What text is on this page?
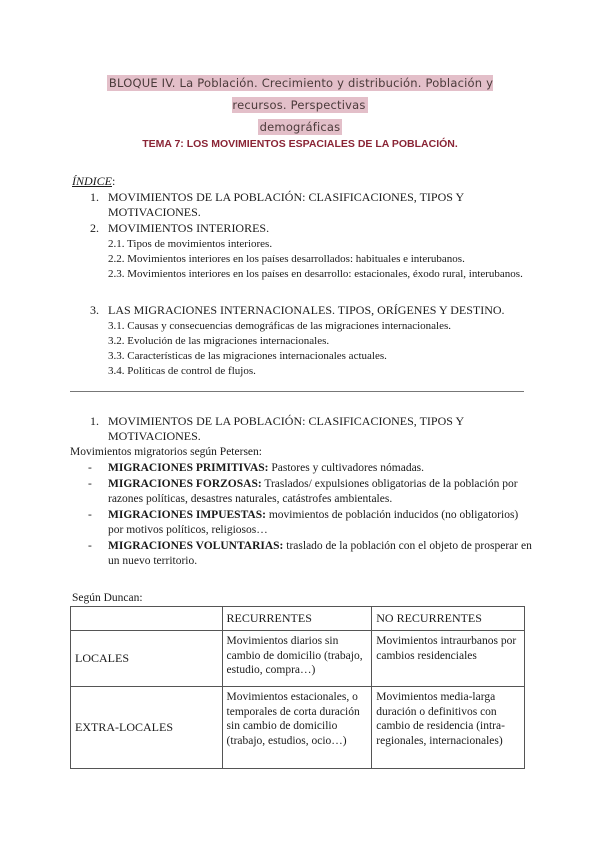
BLOQUE IV. La Población. Crecimiento y distribución. Población y recursos. Perspectivas
demográficas
TEMA 7: LOS MOVIMIENTOS ESPACIALES DE LA POBLACIÓN.
ÍNDICE:
1. MOVIMIENTOS DE LA POBLACIÓN: CLASIFICACIONES, TIPOS Y MOTIVACIONES.
2. MOVIMIENTOS INTERIORES.
2.1. Tipos de movimientos interiores.
2.2. Movimientos interiores en los países desarrollados: habituales e interubanos.
2.3. Movimientos interiores en los países en desarrollo: estacionales, éxodo rural, interubanos.
3. LAS MIGRACIONES INTERNACIONALES. TIPOS, ORÍGENES Y DESTINO.
3.1. Causas y consecuencias demográficas de las migraciones internacionales.
3.2. Evolución de las migraciones internacionales.
3.3. Características de las migraciones internacionales actuales.
3.4. Políticas de control de flujos.
1. MOVIMIENTOS DE LA POBLACIÓN: CLASIFICACIONES, TIPOS Y MOTIVACIONES.
Movimientos migratorios según Petersen:
- MIGRACIONES PRIMITIVAS: Pastores y cultivadores nómadas.
- MIGRACIONES FORZOSAS: Traslados/ expulsiones obligatorias de la población por razones políticas, desastres naturales, catástrofes ambientales.
- MIGRACIONES IMPUESTAS: movimientos de población inducidos (no obligatorios) por motivos políticos, religiosos…
- MIGRACIONES VOLUNTARIAS: traslado de la población con el objeto de prosperar en un nuevo territorio.
Según Duncan:
	RECURRENTES	NO RECURRENTES
LOCALES	Movimientos diarios sin cambio de domicilio (trabajo, estudio, compra…)	Movimientos intraurbanos por cambios residenciales
EXTRA-LOCALES	Movimientos estacionales, o temporales de corta duración sin cambio de domicilio (trabajo, estudios, ocio…)	Movimientos media-larga duración o definitivos con cambio de residencia (intra-regionales, internacionales)
